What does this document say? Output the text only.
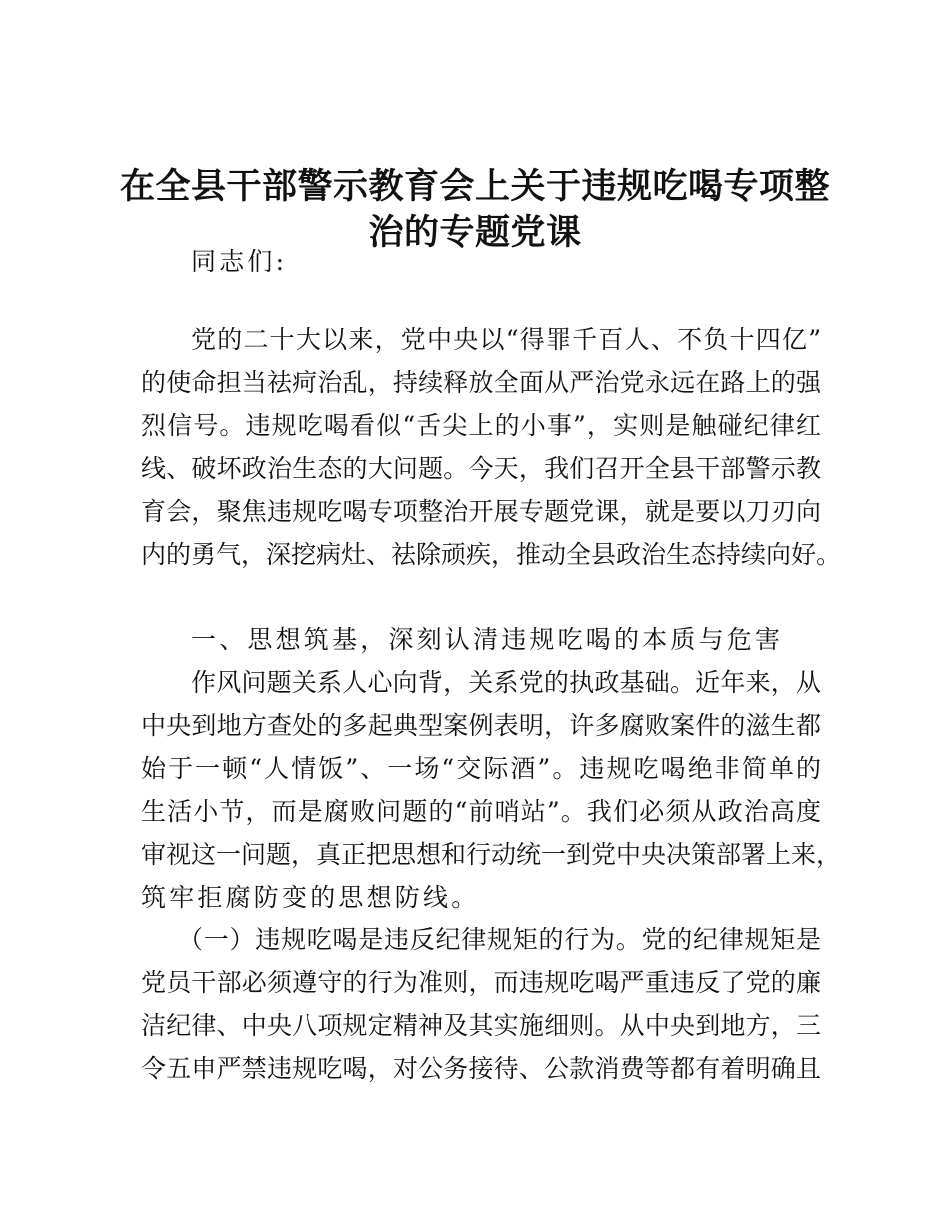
在全县干部警示教育会上关于违规吃喝专项整
治的专题党课
同志们:
党的二十大以来，党中央以“得罪千百人、不负十四亿”
的使命担当祛疴治乱，持续释放全面从严治党永远在路上的强
烈信号。违规吃喝看似“舌尖上的小事”，实则是触碰纪律红
线、破坏政治生态的大问题。今天，我们召开全县干部警示教
育会，聚焦违规吃喝专项整治开展专题党课，就是要以刀刃向
内的勇气，深挖病灶、祛除顽疾，推动全县政治生态持续向好。
一、思想筑基，深刻认清违规吃喝的本质与危害
作风问题关系人心向背，关系党的执政基础。近年来，从
中央到地方查处的多起典型案例表明，许多腐败案件的滋生都
始于一顿“人情饭”、一场“交际酒”。违规吃喝绝非简单的
生活小节，而是腐败问题的“前哨站”。我们必须从政治高度
审视这一问题，真正把思想和行动统一到党中央决策部署上来，
筑牢拒腐防变的思想防线。
（一）违规吃喝是违反纪律规矩的行为。党的纪律规矩是
党员干部必须遵守的行为准则，而违规吃喝严重违反了党的廉
洁纪律、中央八项规定精神及其实施细则。从中央到地方，三
令五申严禁违规吃喝，对公务接待、公款消费等都有着明确且
